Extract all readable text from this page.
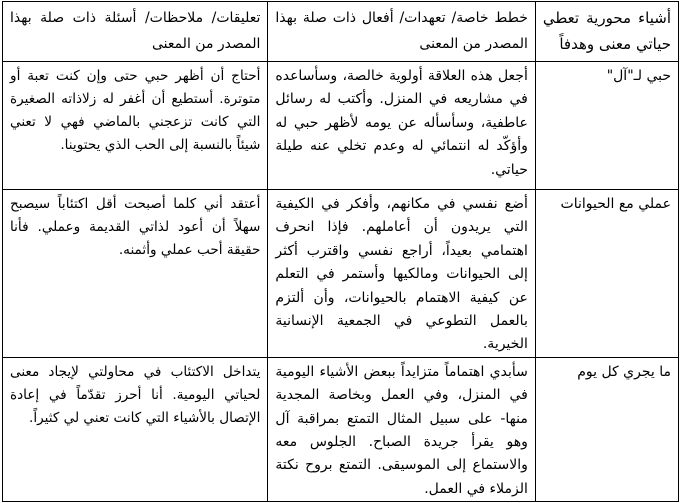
أشياء محورية تعطي حياتي معنى وهدفاً	خطط خاصة/ تعهدات/ أفعال ذات صلة بهذا المصدر من المعنى	تعليقات/ ملاحظات/ أسئلة ذات صلة بهذا المصدر من المعنى

حبي لـ"آل"	أجعل هذه العلاقة أولوية خالصة، وسأساعده في مشاريعه في المنزل. وأكتب له رسائل عاطفية، وسأسأله عن يومه لأظهر حبي له وأؤكّد له انتمائي له وعدم تخلي عنه طيلة حياتي.	أحتاج أن أظهر حبي حتى وإن كنت تعبة أو متوترة. أستطيع أن أغفر له زلاذاته الصغيرة التي كانت تزعجني بالماضي فهي لا تعني شيئاً بالنسبة إلى الحب الذي يحتوينا.

عملي مع الحيوانات	أضع نفسي في مكانهم، وأفكر في الكيفية التي يريدون أن أعاملهم. فإذا انحرف اهتمامي بعيداً، أراجع نفسي واقترب أكثر إلى الحيوانات ومالكيها وأستمر في التعلم عن كيفية الاهتمام بالحيوانات، وأن ألتزم بالعمل التطوعي في الجمعية الإنسانية الخيرية.	أعتقد أني كلما أصبحت أقل اكتئاباً سيصبح سهلاً أن أعود لذاتي القديمة وعملي. فأنا حقيقة أحب عملي وأثمنه.

ما يجري كل يوم	سأبدي اهتماماً متزايداً ببعض الأشياء اليومية في المنزل، وفي العمل وبخاصة المجدية منها- على سبيل المثال التمتع بمراقبة آل وهو يقرأ جريدة الصباح. الجلوس معه والاستماع إلى الموسيقى. التمتع بروح نكتة الزملاء في العمل.	يتداخل الاكتئاب في محاولتي لإيجاد معنى لحياتي اليومية. أنا أحرز تقدّماً في إعادة الإتصال بالأشياء التي كانت تعني لي كثيراً.
